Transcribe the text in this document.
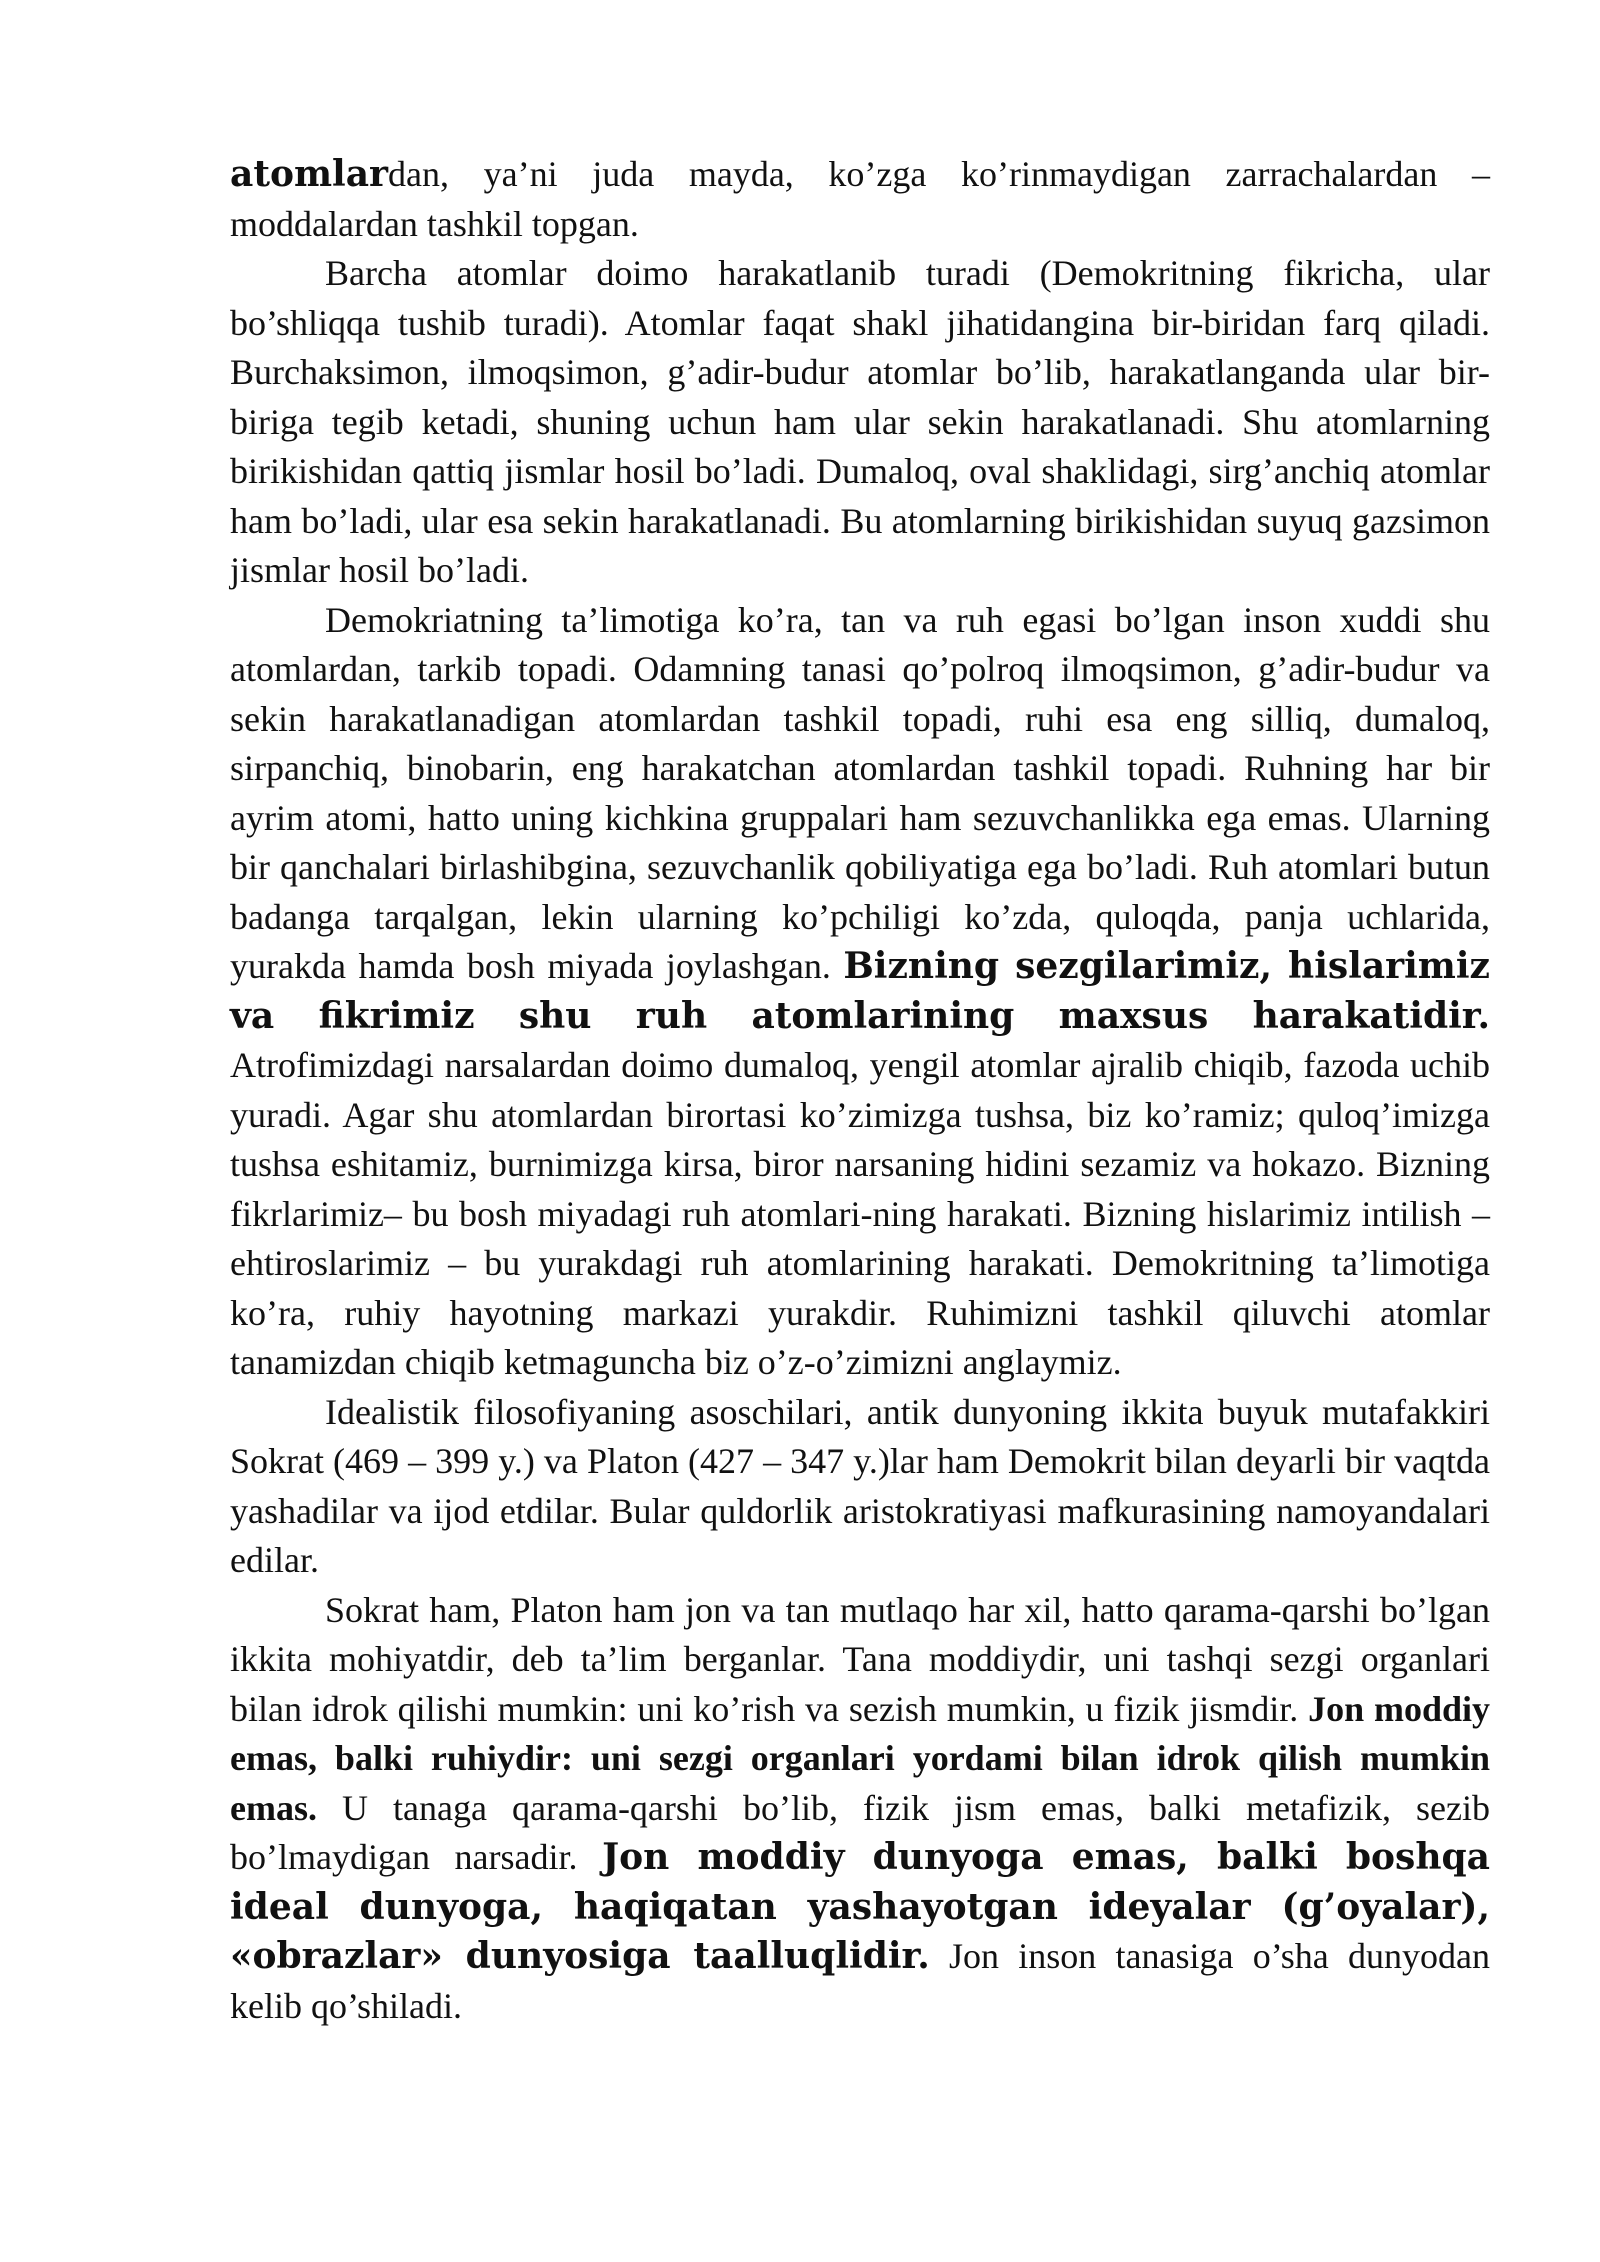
atomlardan, ya’ni juda mayda, ko’zga ko’rinmaydigan zarrachalardan – moddalardan tashkil topgan.

Barcha atomlar doimo harakatlanib turadi (Demokritning fikricha, ular bo’shliqqa tushib turadi). Atomlar faqat shakl jihatidangina bir-biridan farq qiladi. Burchaksimon, ilmoqsimon, g’adir-budur atomlar bo’lib, harakatlanganda ular bir-biriga tegib ketadi, shuning uchun ham ular sekin harakatlanadi. Shu atomlarning birikishidan qattiq jismlar hosil bo’ladi. Dumaloq, oval shaklidagi, sirg’anchiq atomlar ham bo’ladi, ular esa sekin harakatlanadi. Bu atomlarning birikishidan suyuq gazsimon jismlar hosil bo’ladi.

Demokriatning ta’limotiga ko’ra, tan va ruh egasi bo’lgan inson xuddi shu atomlardan, tarkib topadi. Odamning tanasi qo’polroq ilmoqsimon, g’adir-budur va sekin harakatlanadigan atomlardan tashkil topadi, ruhi esa eng silliq, dumaloq, sirpanchiq, binobarin, eng harakatchan atomlardan tashkil topadi. Ruhning har bir ayrim atomi, hatto uning kichkina gruppalari ham sezuvchanlikka ega emas. Ularning bir qanchalari birlashibgina, sezuvchanlik qobiliyatiga ega bo’ladi. Ruh atomlari butun badanga tarqalgan, lekin ularning ko’pchiligi ko’zda, quloqda, panja uchlarida, yurakda hamda bosh miyada joylashgan. Bizning sezgilarimiz, hislarimiz va fikrimiz shu ruh atomlarining maxsus harakatidir. Atrofimizdagi narsalardan doimo dumaloq, yengil atomlar ajralib chiqib, fazoda uchib yuradi. Agar shu atomlardan birortasi ko’zimizga tushsa, biz ko’ramiz; quloq’imizga tushsa eshitamiz, burnimizga kirsa, biror narsaning hidini sezamiz va hokazo. Bizning fikrlarimiz– bu bosh miyadagi ruh atomlari-ning harakati. Bizning hislarimiz intilish – ehtiroslarimiz – bu yurakdagi ruh atomlarining harakati. Demokritning ta’limotiga ko’ra, ruhiy hayotning markazi yurakdir. Ruhimizni tashkil qiluvchi atomlar tanamizdan chiqib ketmaguncha biz o’z-o’zimizni anglaymiz.

Idealistik filosofiyaning asoschilari, antik dunyoning ikkita buyuk mutafakkiri Sokrat (469 – 399 y.) va Platon (427 – 347 y.)lar ham Demokrit bilan deyarli bir vaqtda yashadilar va ijod etdilar. Bular quldorlik aristokratiyasi mafkurasining namoyandalari edilar.

Sokrat ham, Platon ham jon va tan mutlaqo har xil, hatto qarama-qarshi bo’lgan ikkita mohiyatdir, deb ta’lim berganlar. Tana moddiydir, uni tashqi sezgi organlari bilan idrok qilishi mumkin: uni ko’rish va sezish mumkin, u fizik jismdir. Jon moddiy emas, balki ruhiydir: uni sezgi organlari yordami bilan idrok qilish mumkin emas. U tanaga qarama-qarshi bo’lib, fizik jism emas, balki metafizik, sezib bo’lmaydigan narsadir. Jon moddiy dunyoga emas, balki boshqa ideal dunyoga, haqiqatan yashayotgan ideyalar (g’oyalar), «obrazlar» dunyosiga taalluqlidir. Jon inson tanasiga o’sha dunyodan kelib qo’shiladi.
